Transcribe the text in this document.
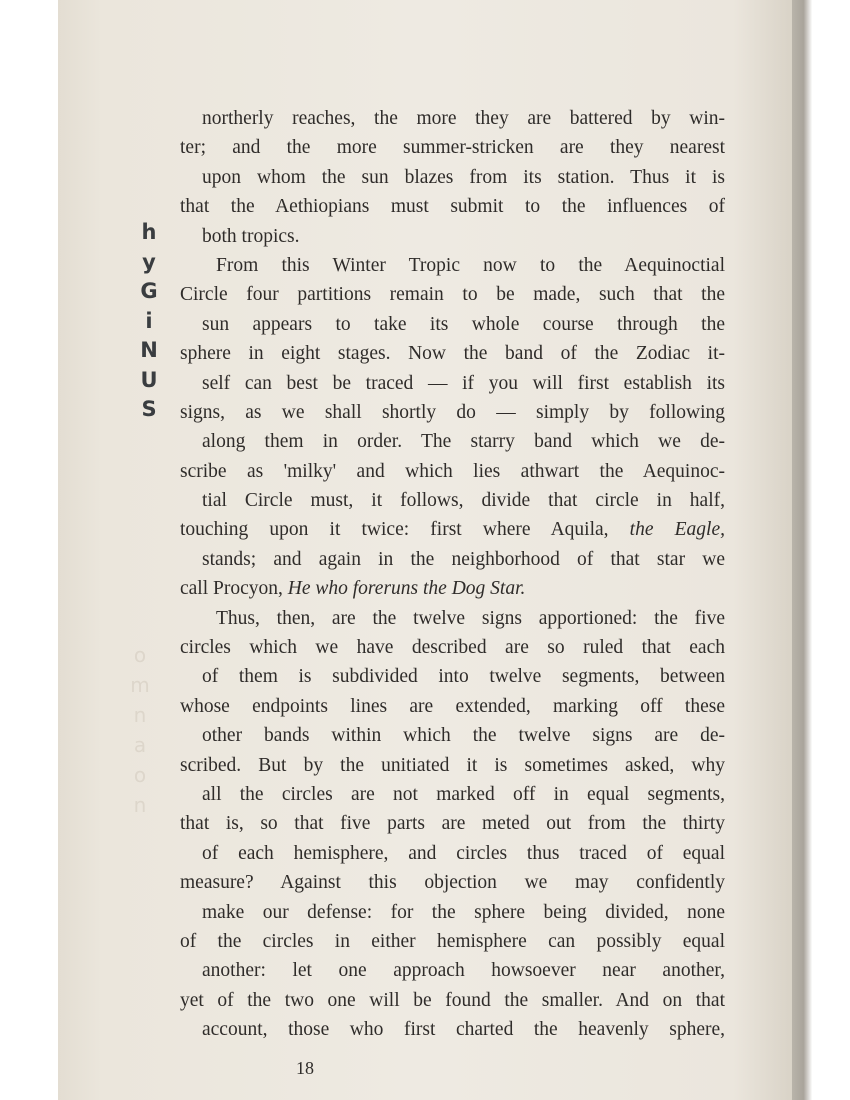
o
m
n
a
o
n
h
y
G
i
N
U
S
northerly reaches, the more they are battered by win-
ter; and the more summer-stricken are they nearest
upon whom the sun blazes from its station. Thus it is
that the Aethiopians must submit to the influences of
both tropics.
From this Winter Tropic now to the Aequinoctial
Circle four partitions remain to be made, such that the
sun appears to take its whole course through the
sphere in eight stages. Now the band of the Zodiac it-
self can best be traced — if you will first establish its
signs, as we shall shortly do — simply by following
along them in order. The starry band which we de-
scribe as 'milky' and which lies athwart the Aequinoc-
tial Circle must, it follows, divide that circle in half,
touching upon it twice: first where Aquila, the Eagle,
stands; and again in the neighborhood of that star we
call Procyon, He who foreruns the Dog Star.
Thus, then, are the twelve signs apportioned: the five
circles which we have described are so ruled that each
of them is subdivided into twelve segments, between
whose endpoints lines are extended, marking off these
other bands within which the twelve signs are de-
scribed. But by the unitiated it is sometimes asked, why
all the circles are not marked off in equal segments,
that is, so that five parts are meted out from the thirty
of each hemisphere, and circles thus traced of equal
measure? Against this objection we may confidently
make our defense: for the sphere being divided, none
of the circles in either hemisphere can possibly equal
another: let one approach howsoever near another,
yet of the two one will be found the smaller. And on that
account, those who first charted the heavenly sphere,
18
